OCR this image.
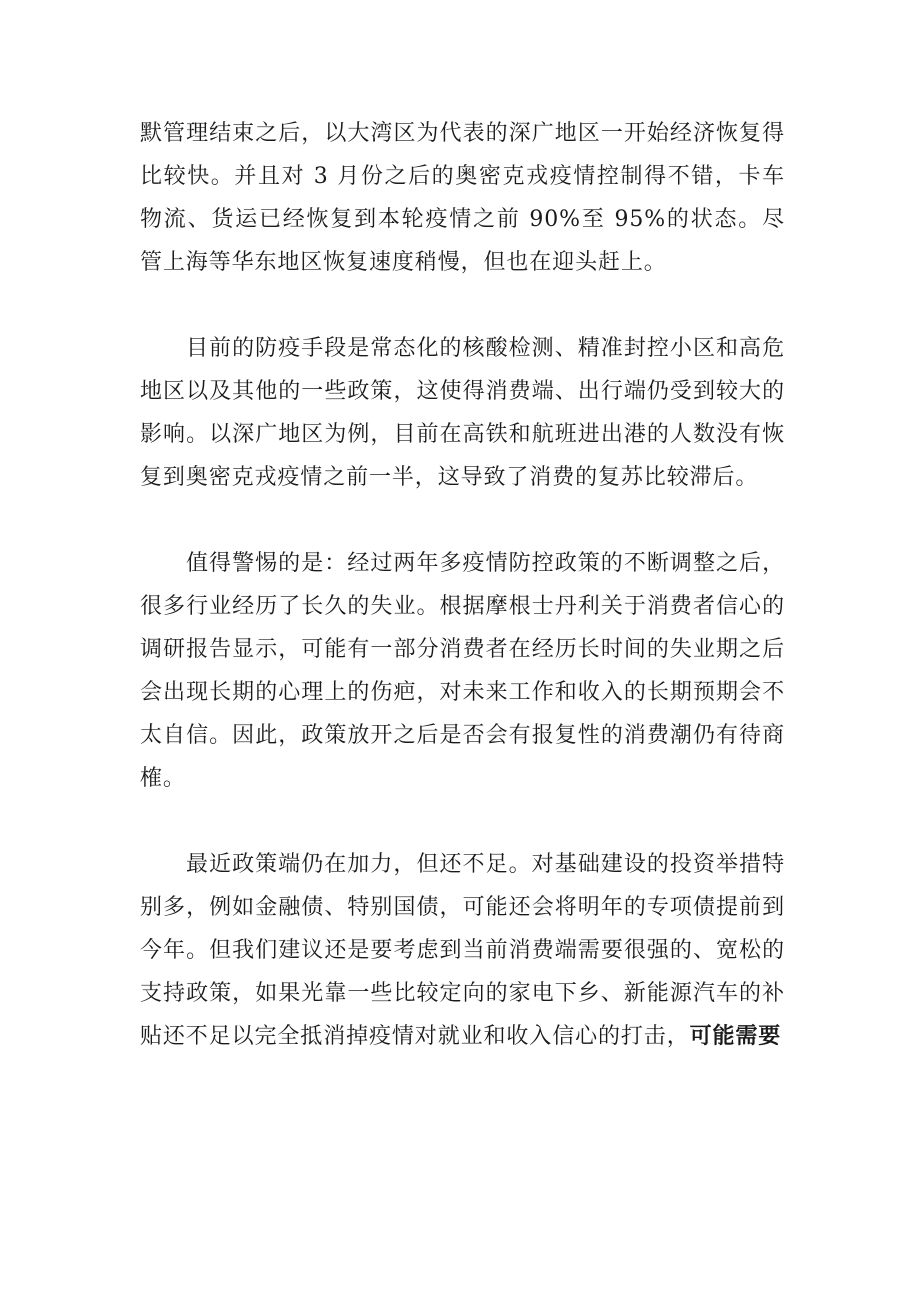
默管理结束之后，以大湾区为代表的深广地区一开始经济恢复得比较快。并且对 3 月份之后的奥密克戎疫情控制得不错，卡车物流、货运已经恢复到本轮疫情之前 90%至 95%的状态。尽管上海等华东地区恢复速度稍慢，但也在迎头赶上。

目前的防疫手段是常态化的核酸检测、精准封控小区和高危地区以及其他的一些政策，这使得消费端、出行端仍受到较大的影响。以深广地区为例，目前在高铁和航班进出港的人数没有恢复到奥密克戎疫情之前一半，这导致了消费的复苏比较滞后。

值得警惕的是：经过两年多疫情防控政策的不断调整之后，很多行业经历了长久的失业。根据摩根士丹利关于消费者信心的调研报告显示，可能有一部分消费者在经历长时间的失业期之后会出现长期的心理上的伤疤，对未来工作和收入的长期预期会不太自信。因此，政策放开之后是否会有报复性的消费潮仍有待商榷。

最近政策端仍在加力，但还不足。对基础建设的投资举措特别多，例如金融债、特别国债，可能还会将明年的专项债提前到今年。但我们建议还是要考虑到当前消费端需要很强的、宽松的支持政策，如果光靠一些比较定向的家电下乡、新能源汽车的补贴还不足以完全抵消掉疫情对就业和收入信心的打击，可能需要
